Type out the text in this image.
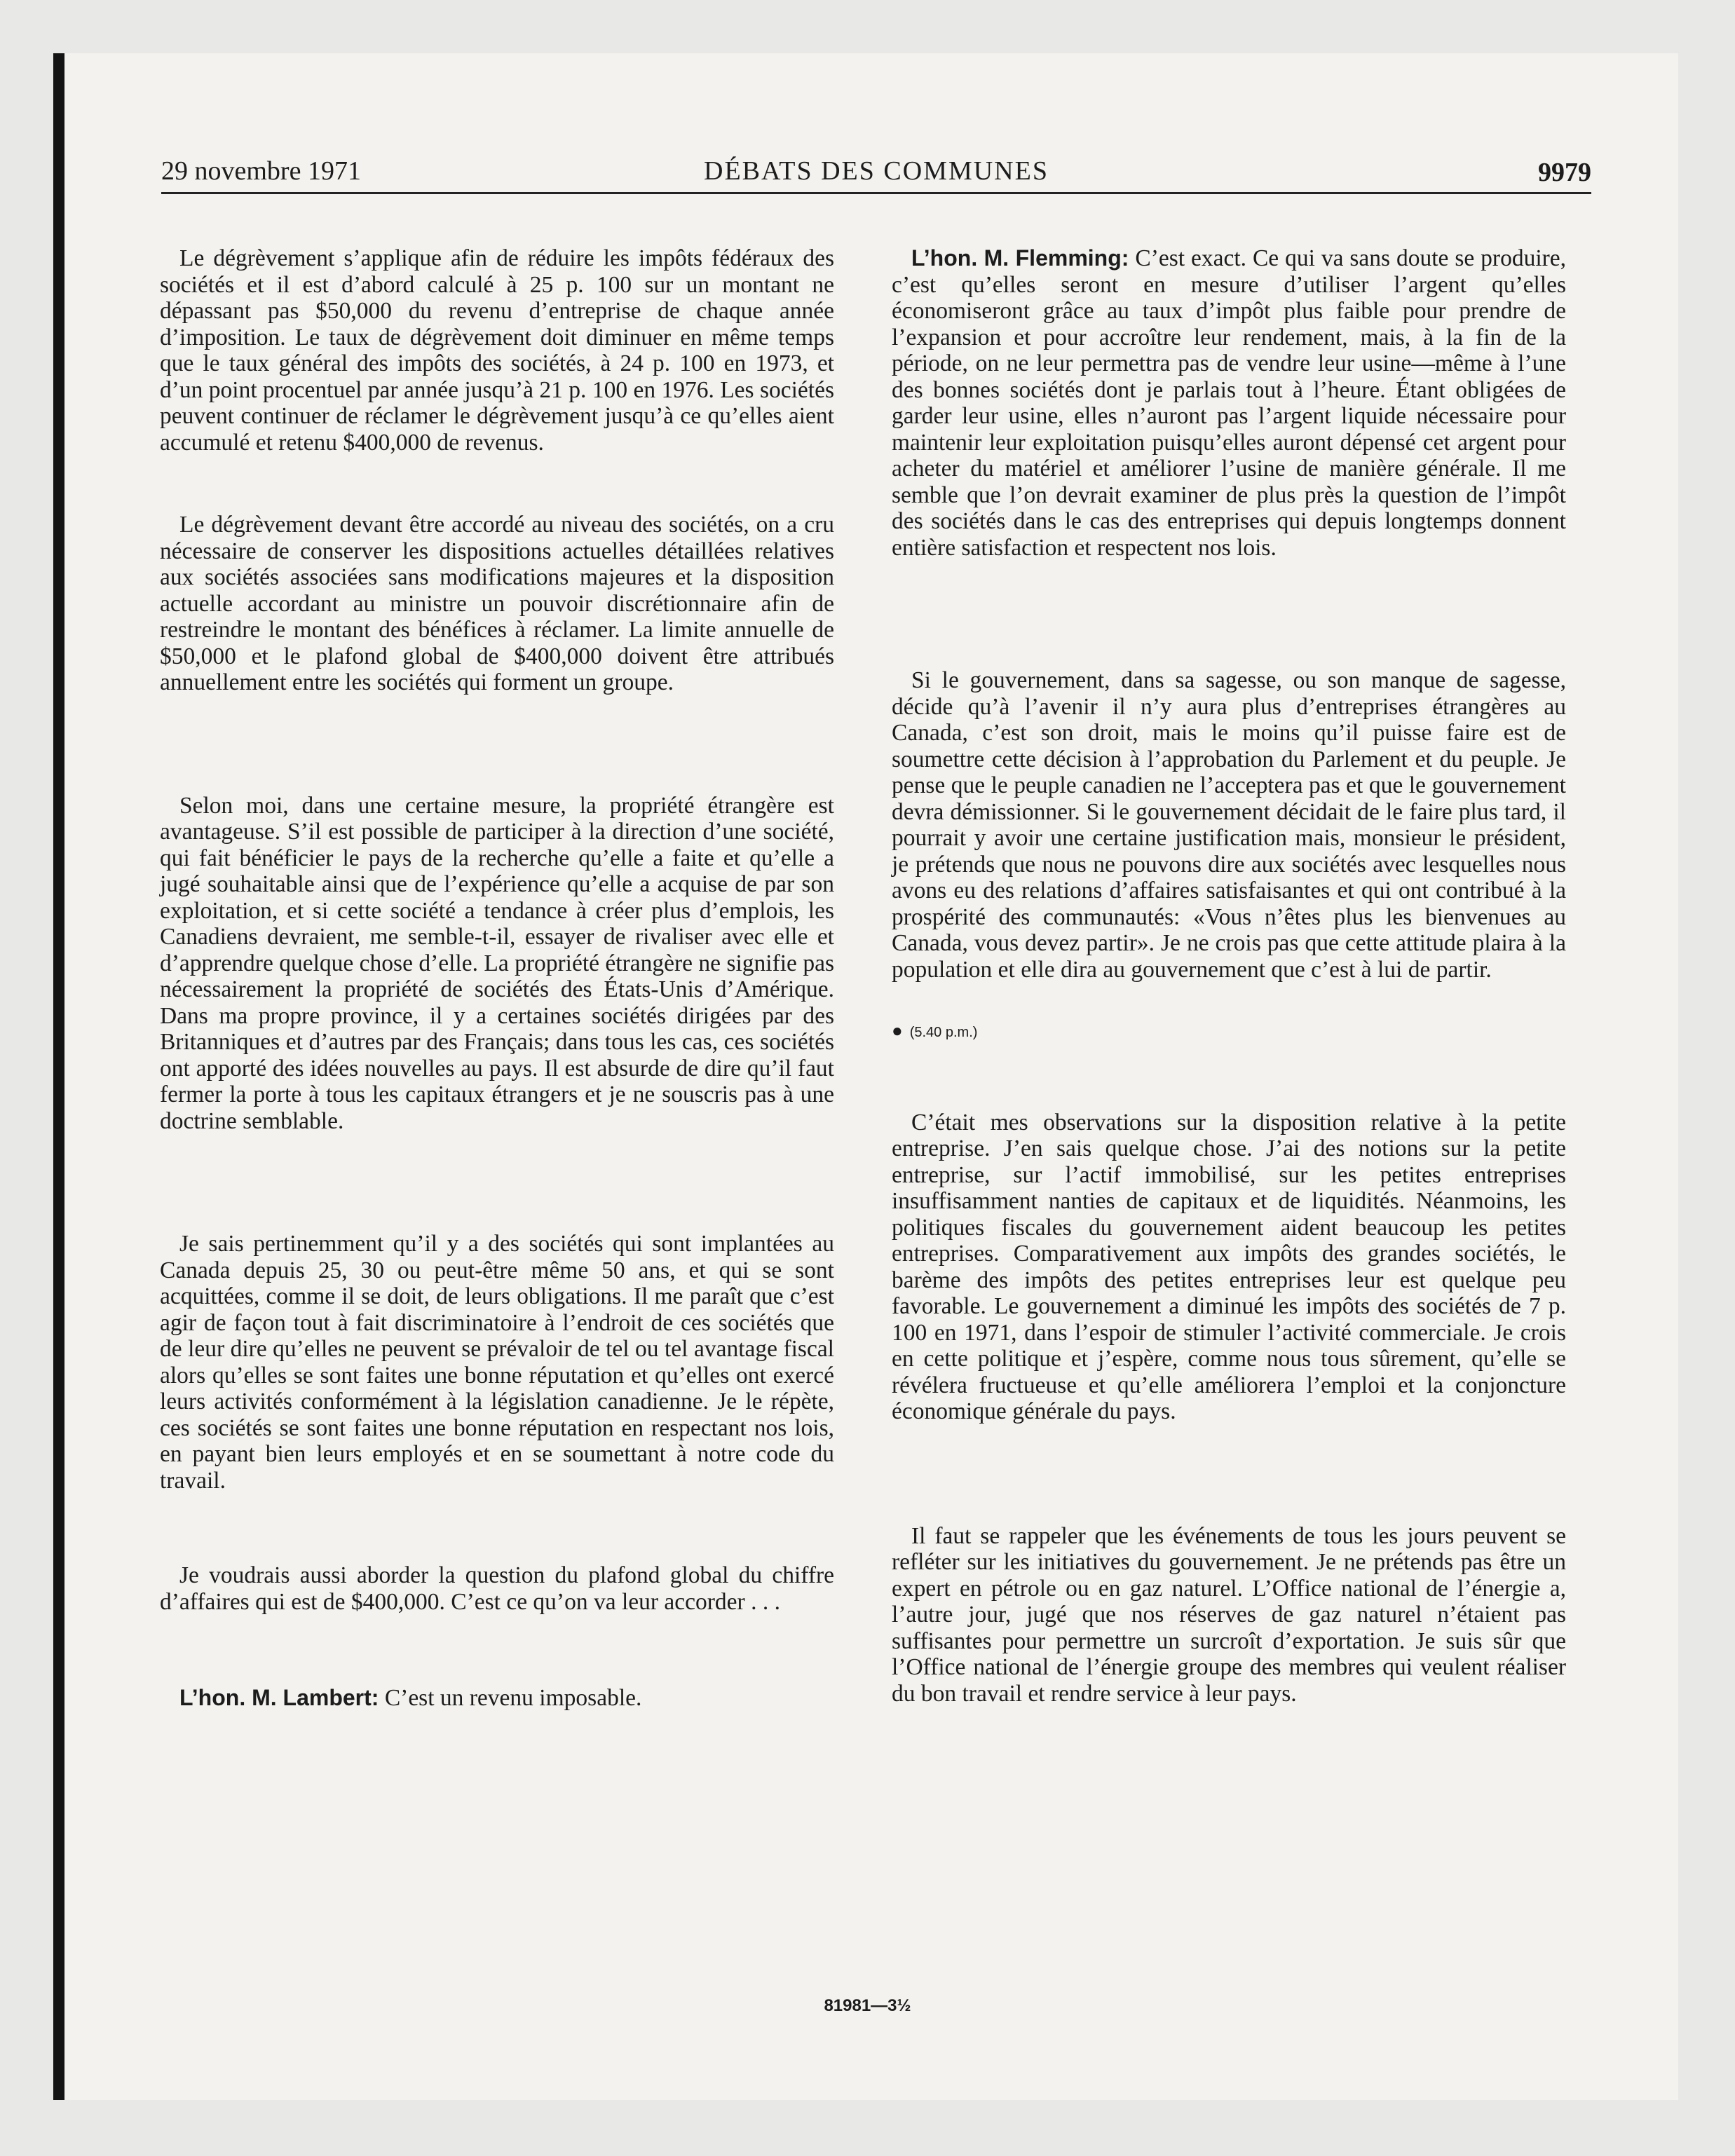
29 novembre 1971	DÉBATS DES COMMUNES	9979

Le dégrèvement s’applique afin de réduire les impôts fédéraux des sociétés et il est d’abord calculé à 25 p. 100 sur un montant ne dépassant pas $50,000 du revenu d’entreprise de chaque année d’imposition. Le taux de dégrèvement doit diminuer en même temps que le taux général des impôts des sociétés, à 24 p. 100 en 1973, et d’un point procentuel par année jusqu’à 21 p. 100 en 1976. Les sociétés peuvent continuer de réclamer le dégrèvement jusqu’à ce qu’elles aient accumulé et retenu $400,000 de revenus.

Le dégrèvement devant être accordé au niveau des sociétés, on a cru nécessaire de conserver les dispositions actuelles détaillées relatives aux sociétés associées sans modifications majeures et la disposition actuelle accordant au ministre un pouvoir discrétionnaire afin de restreindre le montant des bénéfices à réclamer. La limite annuelle de $50,000 et le plafond global de $400,000 doivent être attribués annuellement entre les sociétés qui forment un groupe.

Selon moi, dans une certaine mesure, la propriété étrangère est avantageuse. S’il est possible de participer à la direction d’une société, qui fait bénéficier le pays de la recherche qu’elle a faite et qu’elle a jugé souhaitable ainsi que de l’expérience qu’elle a acquise de par son exploitation, et si cette société a tendance à créer plus d’emplois, les Canadiens devraient, me semble-t-il, essayer de rivaliser avec elle et d’apprendre quelque chose d’elle. La propriété étrangère ne signifie pas nécessairement la propriété de sociétés des États-Unis d’Amérique. Dans ma propre province, il y a certaines sociétés dirigées par des Britanniques et d’autres par des Français; dans tous les cas, ces sociétés ont apporté des idées nouvelles au pays. Il est absurde de dire qu’il faut fermer la porte à tous les capitaux étrangers et je ne souscris pas à une doctrine semblable.

Je sais pertinemment qu’il y a des sociétés qui sont implantées au Canada depuis 25, 30 ou peut-être même 50 ans, et qui se sont acquittées, comme il se doit, de leurs obligations. Il me paraît que c’est agir de façon tout à fait discriminatoire à l’endroit de ces sociétés que de leur dire qu’elles ne peuvent se prévaloir de tel ou tel avantage fiscal alors qu’elles se sont faites une bonne réputation et qu’elles ont exercé leurs activités conformément à la législation canadienne. Je le répète, ces sociétés se sont faites une bonne réputation en respectant nos lois, en payant bien leurs employés et en se soumettant à notre code du travail.

Je voudrais aussi aborder la question du plafond global du chiffre d’affaires qui est de $400,000. C’est ce qu’on va leur accorder . . .

L’hon. M. Lambert: C’est un revenu imposable.

L’hon. M. Flemming: C’est exact. Ce qui va sans doute se produire, c’est qu’elles seront en mesure d’utiliser l’argent qu’elles économiseront grâce au taux d’impôt plus faible pour prendre de l’expansion et pour accroître leur rendement, mais, à la fin de la période, on ne leur permettra pas de vendre leur usine—même à l’une des bonnes sociétés dont je parlais tout à l’heure. Étant obligées de garder leur usine, elles n’auront pas l’argent liquide nécessaire pour maintenir leur exploitation puisqu’elles auront dépensé cet argent pour acheter du matériel et améliorer l’usine de manière générale. Il me semble que l’on devrait examiner de plus près la question de l’impôt des sociétés dans le cas des entreprises qui depuis longtemps donnent entière satisfaction et respectent nos lois.

Si le gouvernement, dans sa sagesse, ou son manque de sagesse, décide qu’à l’avenir il n’y aura plus d’entreprises étrangères au Canada, c’est son droit, mais le moins qu’il puisse faire est de soumettre cette décision à l’approbation du Parlement et du peuple. Je pense que le peuple canadien ne l’acceptera pas et que le gouvernement devra démissionner. Si le gouvernement décidait de le faire plus tard, il pourrait y avoir une certaine justification mais, monsieur le président, je prétends que nous ne pouvons dire aux sociétés avec lesquelles nous avons eu des relations d’affaires satisfaisantes et qui ont contribué à la prospérité des communautés: «Vous n’êtes plus les bienvenues au Canada, vous devez partir». Je ne crois pas que cette attitude plaira à la population et elle dira au gouvernement que c’est à lui de partir.

● (5.40 p.m.)

C’était mes observations sur la disposition relative à la petite entreprise. J’en sais quelque chose. J’ai des notions sur la petite entreprise, sur l’actif immobilisé, sur les petites entreprises insuffisamment nanties de capitaux et de liquidités. Néanmoins, les politiques fiscales du gouvernement aident beaucoup les petites entreprises. Comparativement aux impôts des grandes sociétés, le barème des impôts des petites entreprises leur est quelque peu favorable. Le gouvernement a diminué les impôts des sociétés de 7 p. 100 en 1971, dans l’espoir de stimuler l’activité commerciale. Je crois en cette politique et j’espère, comme nous tous sûrement, qu’elle se révélera fructueuse et qu’elle améliorera l’emploi et la conjoncture économique générale du pays.

Il faut se rappeler que les événements de tous les jours peuvent se refléter sur les initiatives du gouvernement. Je ne prétends pas être un expert en pétrole ou en gaz naturel. L’Office national de l’énergie a, l’autre jour, jugé que nos réserves de gaz naturel n’étaient pas suffisantes pour permettre un surcroît d’exportation. Je suis sûr que l’Office national de l’énergie groupe des membres qui veulent réaliser du bon travail et rendre service à leur pays.

81981—3½
